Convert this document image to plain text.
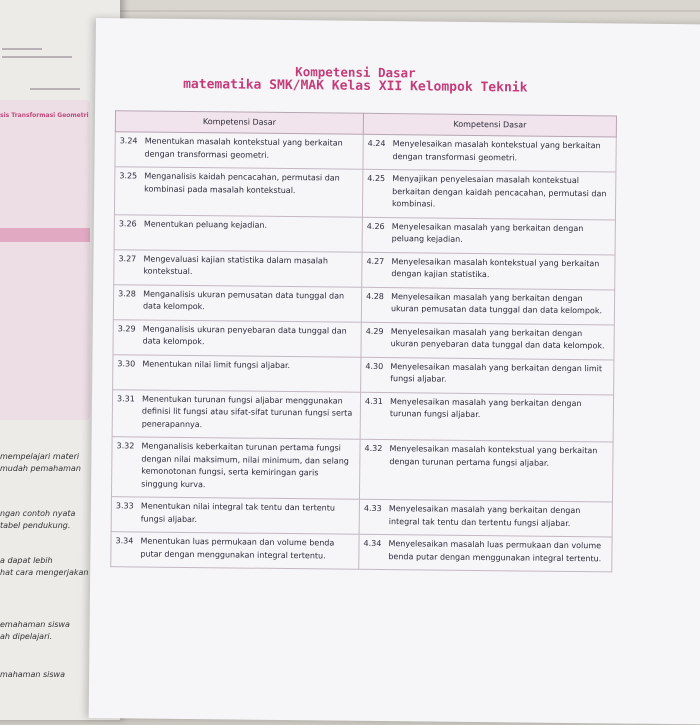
sis Transformasi Geometri
mempelajari materi
mudah pemahaman
ngan contoh nyata
tabel pendukung.
a dapat lebih
hat cara mengerjakan
emahaman siswa
ah dipelajari.
mahaman siswa
Kompetensi Dasar
matematika SMK/MAK Kelas XII Kelompok Teknik
Kompetensi Dasar	Kompetensi Dasar

3.24 Menentukan masalah kontekstual yang berkaitan dengan transformasi geometri.	4.24 Menyelesaikan masalah kontekstual yang berkaitan dengan transformasi geometri.

3.25 Menganalisis kaidah pencacahan, permutasi dan kombinasi pada masalah kontekstual.	4.25 Menyajikan penyelesaian masalah kontekstual berkaitan dengan kaidah pencacahan, permutasi dan kombinasi.

3.26 Menentukan peluang kejadian.	4.26 Menyelesaikan masalah yang berkaitan dengan peluang kejadian.

3.27 Mengevaluasi kajian statistika dalam masalah kontekstual.	4.27 Menyelesaikan masalah kontekstual yang berkaitan dengan kajian statistika.

3.28 Menganalisis ukuran pemusatan data tunggal dan data kelompok.	4.28 Menyelesaikan masalah yang berkaitan dengan ukuran pemusatan data tunggal dan data kelompok.

3.29 Menganalisis ukuran penyebaran data tunggal dan data kelompok.	4.29 Menyelesaikan masalah yang berkaitan dengan ukuran penyebaran data tunggal dan data kelompok.

3.30 Menentukan nilai limit fungsi aljabar.	4.30 Menyelesaikan masalah yang berkaitan dengan limit fungsi aljabar.

3.31 Menentukan turunan fungsi aljabar menggunakan definisi lit fungsi atau sifat-sifat turunan fungsi serta penerapannya.	4.31 Menyelesaikan masalah yang berkaitan dengan turunan fungsi aljabar.

3.32 Menganalisis keberkaitan turunan pertama fungsi dengan nilai maksimum, nilai minimum, dan selang kemonotonan fungsi, serta kemiringan garis singgung kurva.	4.32 Menyelesaikan masalah kontekstual yang berkaitan dengan turunan pertama fungsi aljabar.

3.33 Menentukan nilai integral tak tentu dan tertentu fungsi aljabar.	4.33 Menyelesaikan masalah yang berkaitan dengan integral tak tentu dan tertentu fungsi aljabar.

3.34 Menentukan luas permukaan dan volume benda putar dengan menggunakan integral tertentu.	4.34 Menyelesaikan masalah luas permukaan dan volume benda putar dengan menggunakan integral tertentu.
